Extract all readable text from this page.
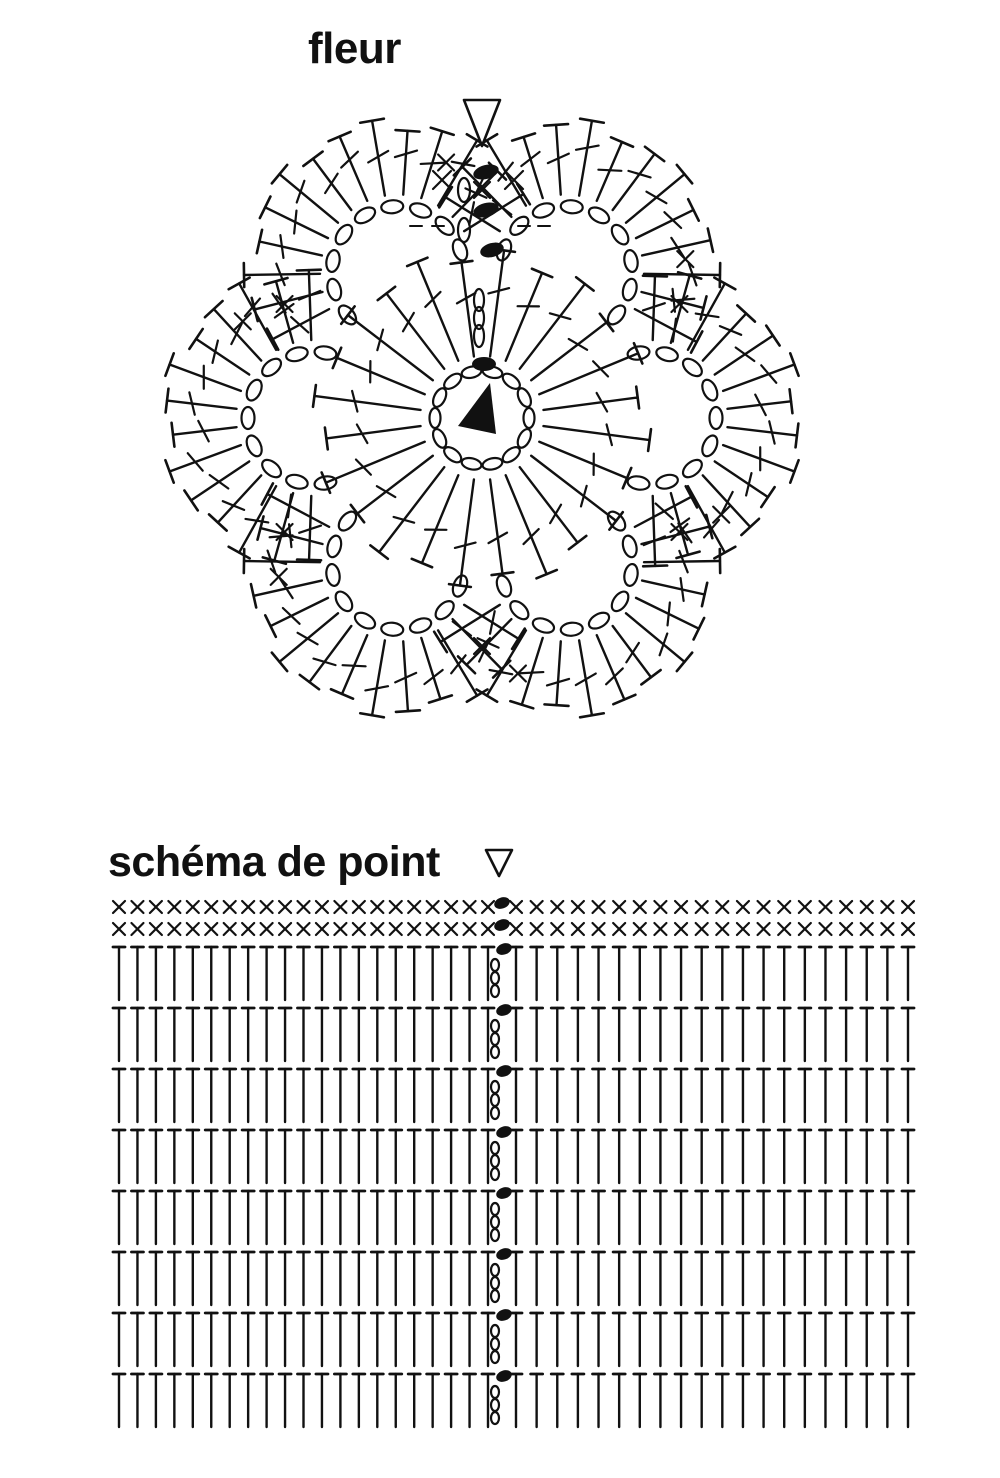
fleur
schéma de point
